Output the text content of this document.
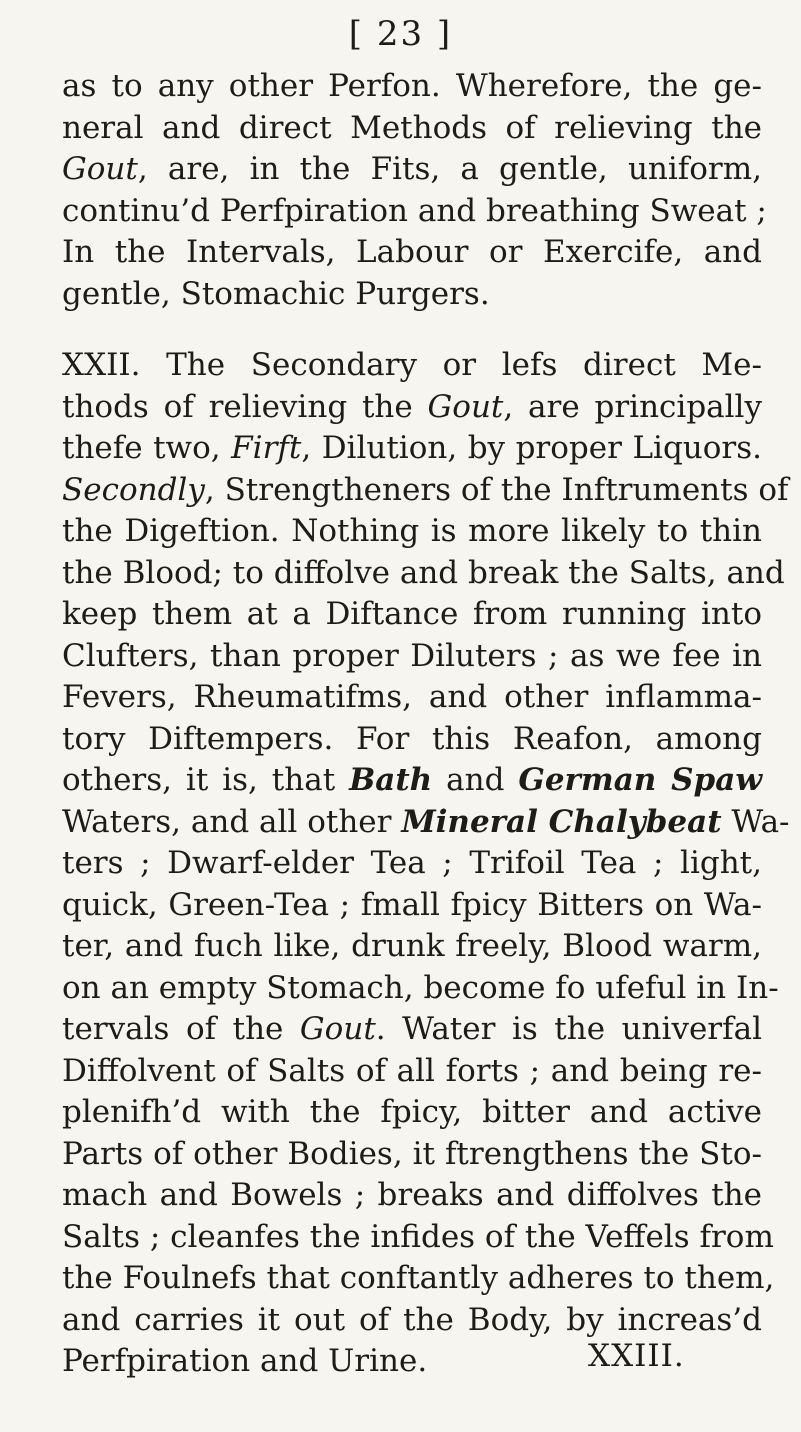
[ 23 ]
as to any other Perfon. Wherefore, the ge-
neral and direct Methods of relieving the
Gout, are, in the Fits, a gentle, uniform,
continu’d Perfpiration and breathing Sweat ;
In the Intervals, Labour or Exercife, and
gentle, Stomachic Purgers.
XXII. The Secondary or lefs direct Me-
thods of relieving the Gout, are principally
thefe two, Firft, Dilution, by proper Liquors.
Secondly, Strengtheners of the Inftruments of
the Digeftion. Nothing is more likely to thin
the Blood; to diffolve and break the Salts, and
keep them at a Diftance from running into
Clufters, than proper Diluters ; as we fee in
Fevers, Rheumatifms, and other inflamma-
tory Diftempers. For this Reafon, among
others, it is, that Bath and German Spaw
Waters, and all other Mineral Chalybeat Wa-
ters ; Dwarf-elder Tea ; Trifoil Tea ; light,
quick, Green-Tea ; fmall fpicy Bitters on Wa-
ter, and fuch like, drunk freely, Blood warm,
on an empty Stomach, become fo ufeful in In-
tervals of the Gout. Water is the univerfal
Diffolvent of Salts of all forts ; and being re-
plenifh’d with the fpicy, bitter and active
Parts of other Bodies, it ftrengthens the Sto-
mach and Bowels ; breaks and diffolves the
Salts ; cleanfes the infides of the Veffels from
the Foulnefs that conftantly adheres to them,
and carries it out of the Body, by increas’d
Perfpiration and Urine.	XXIII.
